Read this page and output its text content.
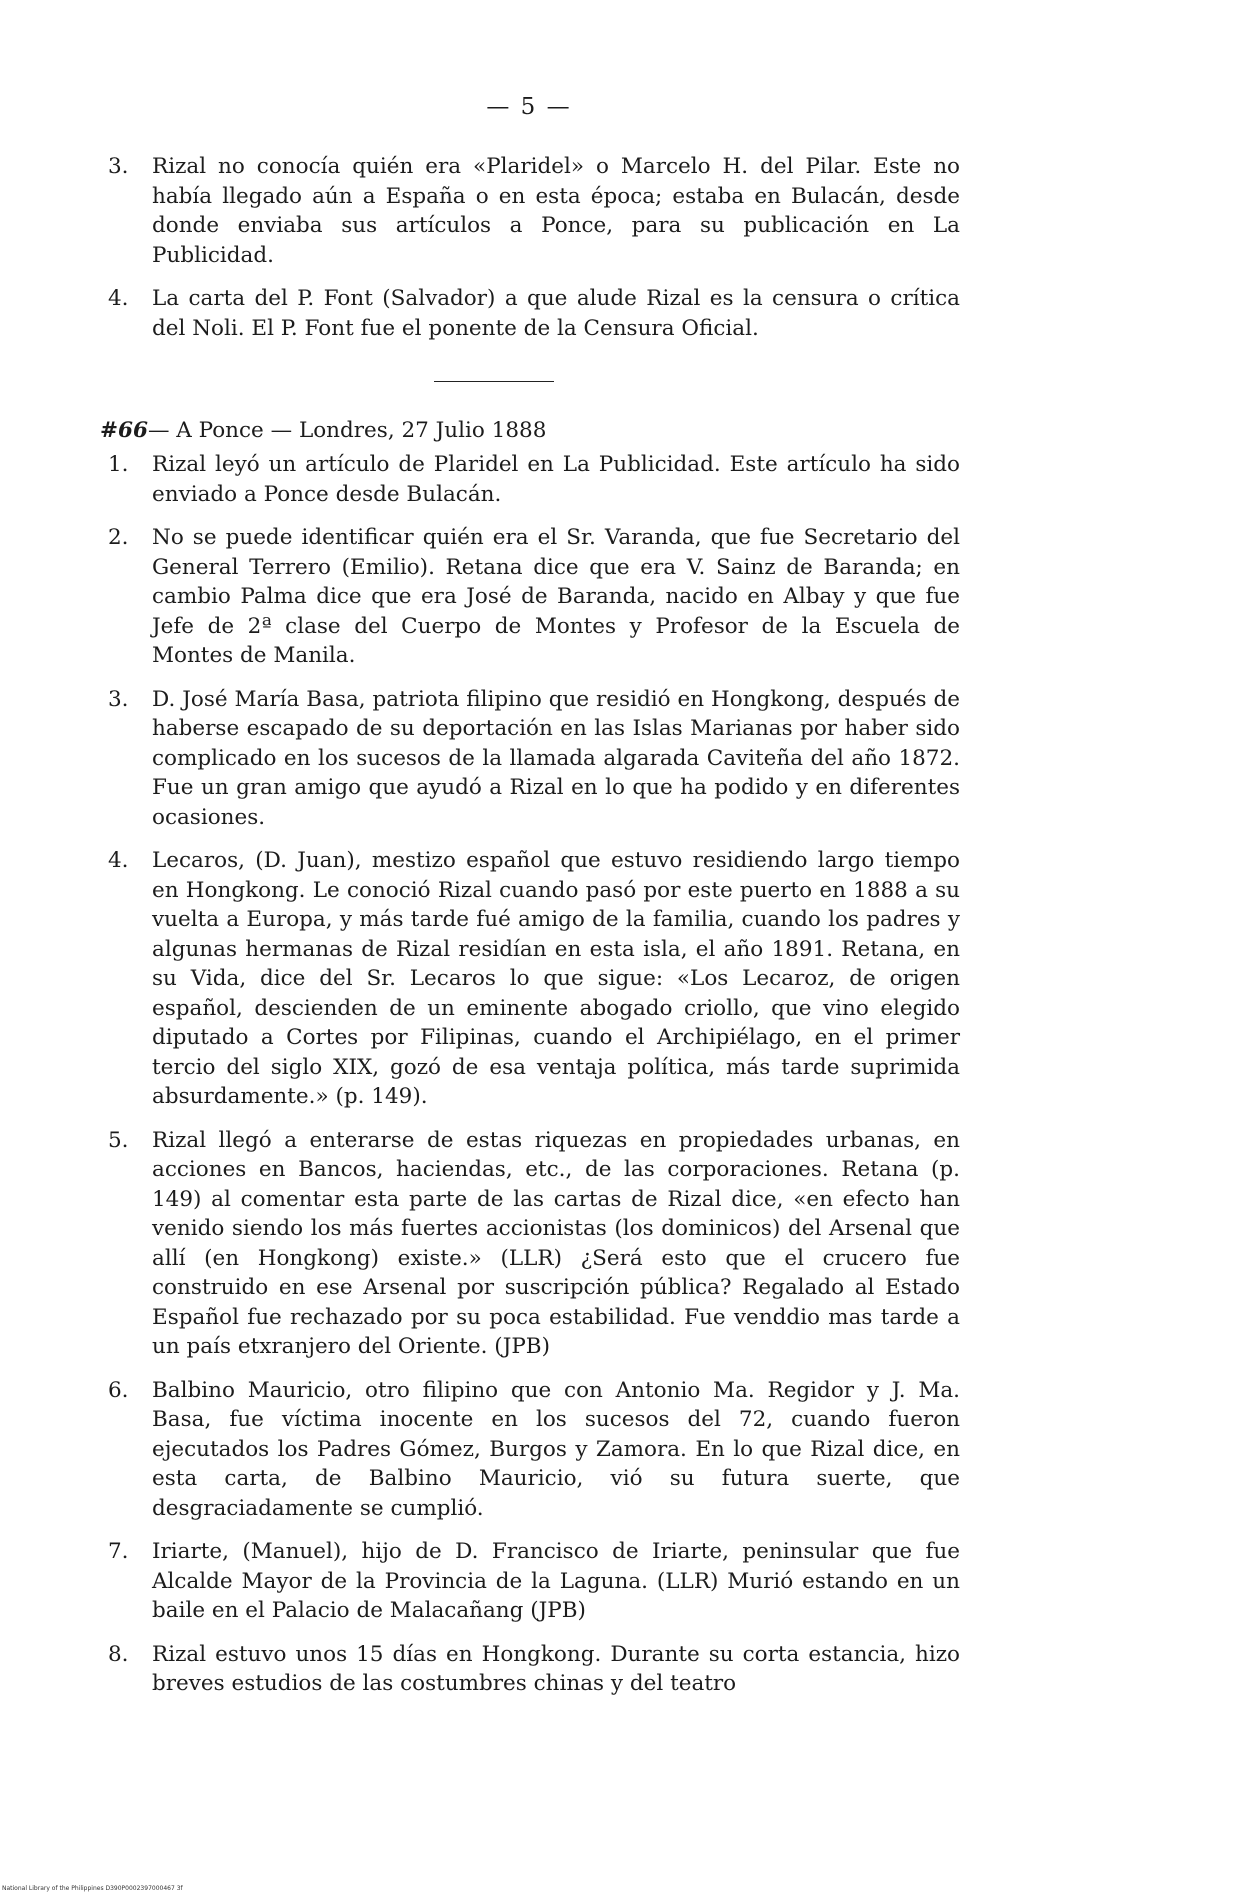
— 5 —

3. Rizal no conocía quién era «Plaridel» o Marcelo H. del Pilar. Este no había llegado aún a España o en esta época; estaba en Bulacán, desde donde enviaba sus artículos a Ponce, para su publicación en La Publicidad.

4. La carta del P. Font (Salvador) a que alude Rizal es la censura o crítica del Noli. El P. Font fue el ponente de la Censura Oficial.

#66— A Ponce — Londres, 27 Julio 1888

1. Rizal leyó un artículo de Plaridel en La Publicidad. Este artículo ha sido enviado a Ponce desde Bulacán.

2. No se puede identificar quién era el Sr. Varanda, que fue Secretario del General Terrero (Emilio). Retana dice que era V. Sainz de Baranda; en cambio Palma dice que era José de Baranda, nacido en Albay y que fue Jefe de 2ª clase del Cuerpo de Montes y Profesor de la Escuela de Montes de Manila.

3. D. José María Basa, patriota filipino que residió en Hongkong, después de haberse escapado de su deportación en las Islas Marianas por haber sido complicado en los sucesos de la llamada algarada Caviteña del año 1872. Fue un gran amigo que ayudó a Rizal en lo que ha podido y en diferentes ocasiones.

4. Lecaros, (D. Juan), mestizo español que estuvo residiendo largo tiempo en Hongkong. Le conoció Rizal cuando pasó por este puerto en 1888 a su vuelta a Europa, y más tarde fué amigo de la familia, cuando los padres y algunas hermanas de Rizal residían en esta isla, el año 1891. Retana, en su Vida, dice del Sr. Lecaros lo que sigue: «Los Lecaroz, de origen español, descienden de un eminente abogado criollo, que vino elegido diputado a Cortes por Filipinas, cuando el Archipiélago, en el primer tercio del siglo XIX, gozó de esa ventaja política, más tarde suprimida absurdamente.» (p. 149).

5. Rizal llegó a enterarse de estas riquezas en propiedades urbanas, en acciones en Bancos, haciendas, etc., de las corporaciones. Retana (p. 149) al comentar esta parte de las cartas de Rizal dice, «en efecto han venido siendo los más fuertes accionistas (los dominicos) del Arsenal que allí (en Hongkong) existe.» (LLR) ¿Será esto que el crucero fue construido en ese Arsenal por suscripción pública? Regalado al Estado Español fue rechazado por su poca estabilidad. Fue venddio mas tarde a un país etxranjero del Oriente. (JPB)

6. Balbino Mauricio, otro filipino que con Antonio Ma. Regidor y J. Ma. Basa, fue víctima inocente en los sucesos del 72, cuando fueron ejecutados los Padres Gómez, Burgos y Zamora. En lo que Rizal dice, en esta carta, de Balbino Mauricio, vió su futura suerte, que desgraciadamente se cumplió.

7. Iriarte, (Manuel), hijo de D. Francisco de Iriarte, peninsular que fue Alcalde Mayor de la Provincia de la Laguna. (LLR) Murió estando en un baile en el Palacio de Malacañang (JPB)

8. Rizal estuvo unos 15 días en Hongkong. Durante su corta estancia, hizo breves estudios de las costumbres chinas y del teatro

National Library of the Philippines D390P0002397000467 3f
